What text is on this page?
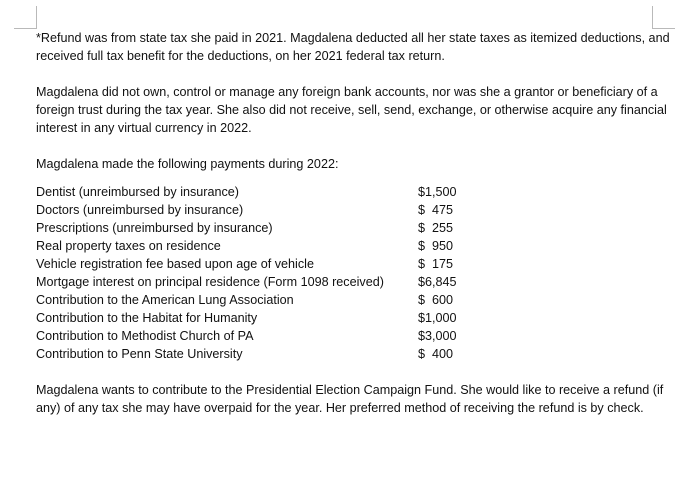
*Refund was from state tax she paid in 2021. Magdalena deducted all her state taxes as itemized deductions, and received full tax benefit for the deductions, on her 2021 federal tax return.

Magdalena did not own, control or manage any foreign bank accounts, nor was she a grantor or beneficiary of a foreign trust during the tax year. She also did not receive, sell, send, exchange, or otherwise acquire any financial interest in any virtual currency in 2022.

Magdalena made the following payments during 2022:

Dentist (unreimbursed by insurance)	$1,500
Doctors (unreimbursed by insurance)	$  475
Prescriptions (unreimbursed by insurance)	$  255
Real property taxes on residence	$  950
Vehicle registration fee based upon age of vehicle	$  175
Mortgage interest on principal residence (Form 1098 received)	$6,845
Contribution to the American Lung Association	$  600
Contribution to the Habitat for Humanity	$1,000
Contribution to Methodist Church of PA	$3,000
Contribution to Penn State University	$  400

Magdalena wants to contribute to the Presidential Election Campaign Fund. She would like to receive a refund (if any) of any tax she may have overpaid for the year. Her preferred method of receiving the refund is by check.
